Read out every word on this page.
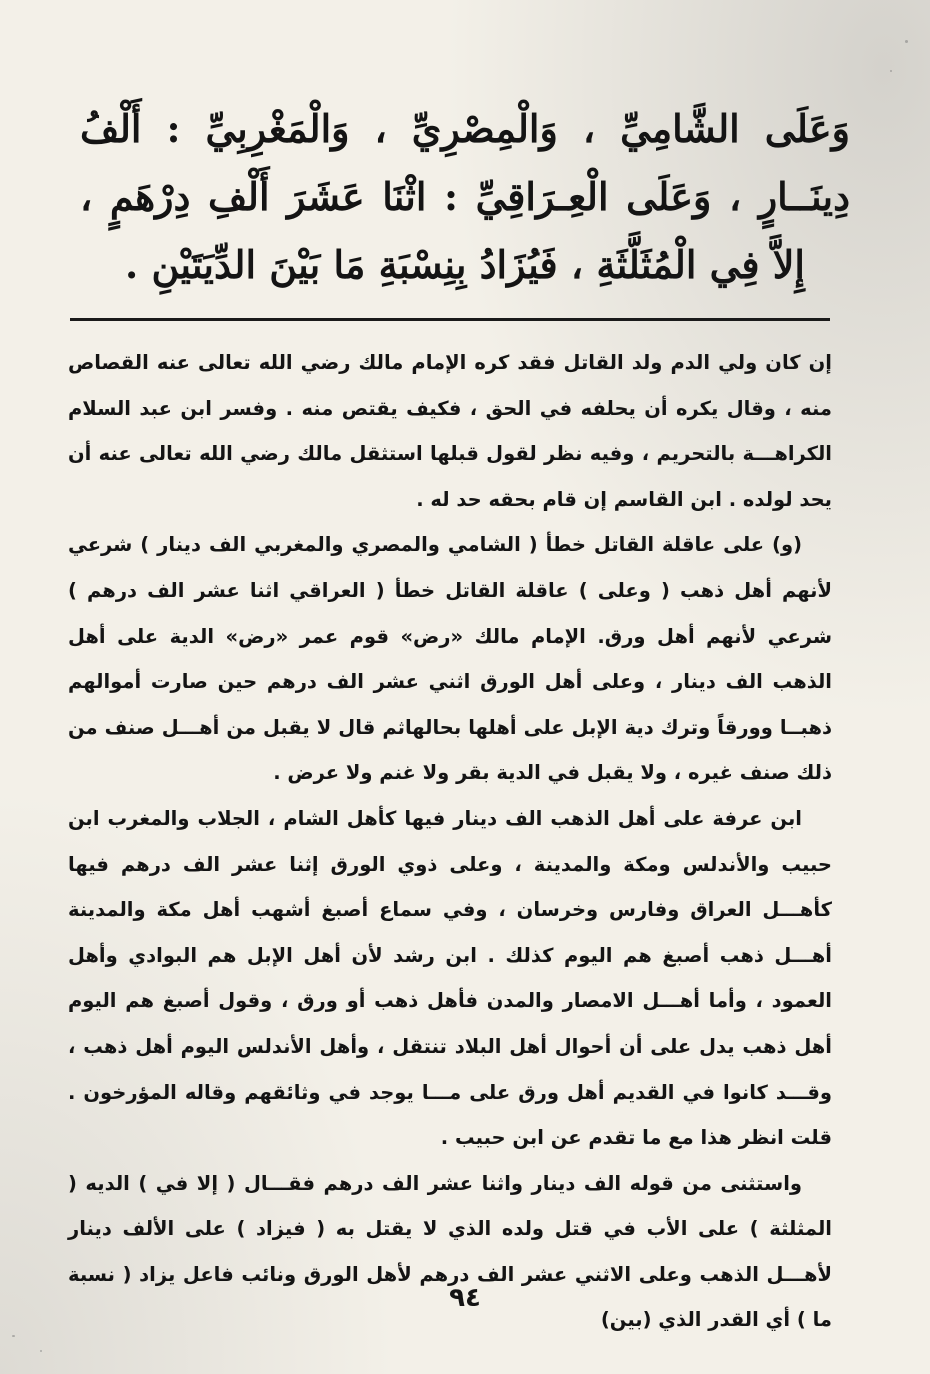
وَعَلَى الشَّامِيِّ ، وَالْمِصْرِيِّ ، وَالْمَغْرِبِيِّ : أَلْفُ دِينَــارٍ ، وَعَلَى الْعِـرَاقِيِّ : اثْنَا عَشَرَ أَلْفِ دِرْهَمٍ ، إِلاَّ فِي الْمُثَلَّثَةِ ، فَيُزَادُ بِنِسْبَةِ مَا بَيْنَ الدِّيَتَيْنِ .

إن كان ولي الدم ولد القاتل فقد كره الإمام مالك رضي الله تعالى عنه القصاص منه ، وقال يكره أن يحلفه في الحق ، فكيف يقتص منه . وفسر ابن عبد السلام الكراهـــة بالتحريم ، وفيه نظر لقول قبلها استثقل مالك رضي الله تعالى عنه أن يحد لولده . ابن القاسم إن قام بحقه حد له .

(و) على عاقلة القاتل خطأ ( الشامي والمصري والمغربي الف دينار ) شرعي لأنهم أهل ذهب ( وعلى ) عاقلة القاتل خطأ ( العراقي اثنا عشر الف درهم ) شرعي لأنهم أهل ورق. الإمام مالك «رض» قوم عمر «رض» الدية على أهل الذهب الف دينار ، وعلى أهل الورق اثني عشر الف درهم حين صارت أموالهم ذهبــا وورقاً وترك دية الإبل على أهلها بحالهاثم قال لا يقبل من أهـــل صنف من ذلك صنف غيره ، ولا يقبل في الدية بقر ولا غنم ولا عرض .

ابن عرفة على أهل الذهب الف دينار فيها كأهل الشام ، الجلاب والمغرب ابن حبيب والأندلس ومكة والمدينة ، وعلى ذوي الورق إثنا عشر الف درهم فيها كأهـــل العراق وفارس وخرسان ، وفي سماع أصبغ أشهب أهل مكة والمدينة أهـــل ذهب أصبغ هم اليوم كذلك . ابن رشد لأن أهل الإبل هم البوادي وأهل العمود ، وأما أهـــل الامصار والمدن فأهل ذهب أو ورق ، وقول أصبغ هم اليوم أهل ذهب يدل على أن أحوال أهل البلاد تنتقل ، وأهل الأندلس اليوم أهل ذهب ، وقـــد كانوا في القديم أهل ورق على مـــا يوجد في وثائقهم وقاله المؤرخون . قلت انظر هذا مع ما تقدم عن ابن حبيب .

واستثنى من قوله الف دينار واثنا عشر الف درهم فقـــال ( إلا في ) الديه ( المثلثة ) على الأب في قتل ولده الذي لا يقتل به ( فيزاد ) على الألف دينار لأهـــل الذهب وعلى الاثني عشر الف درهم لأهل الورق ونائب فاعل يزاد ( نسبة ما ) أي القدر الذي (بين)

٩٤
